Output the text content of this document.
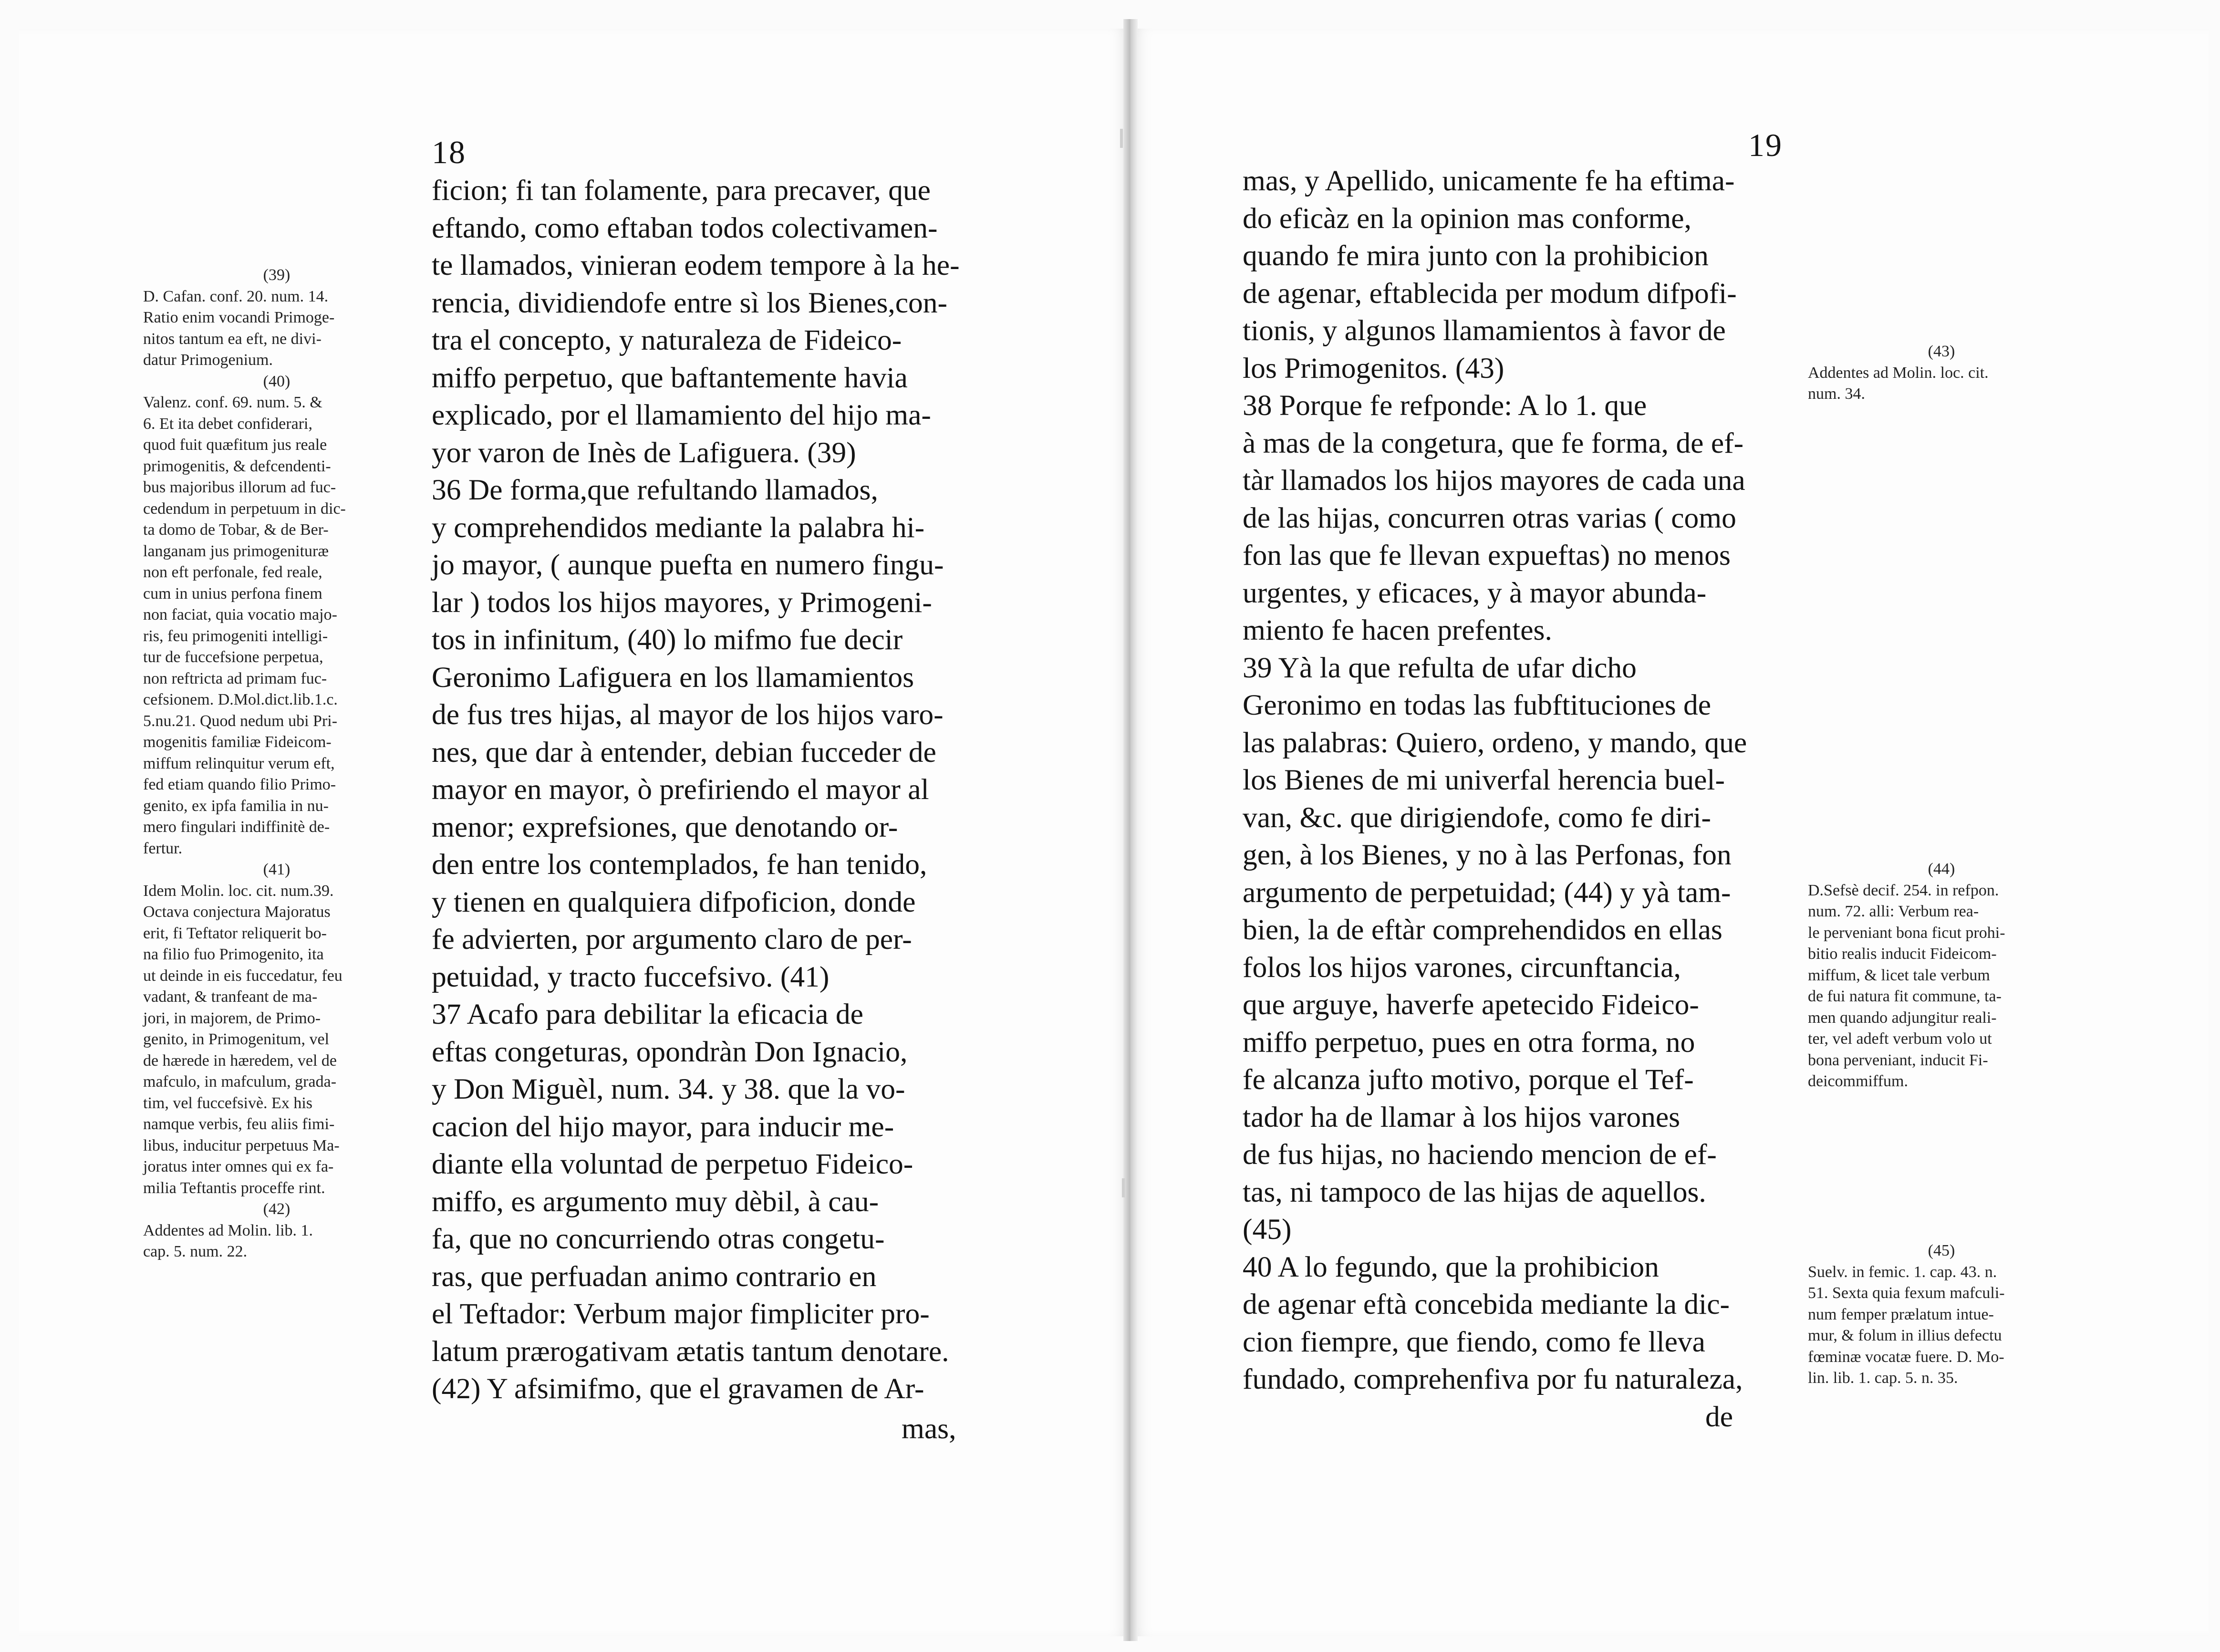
18
(39)
D. Cafan. conf. 20. num. 14.
Ratio enim vocandi Primoge-
nitos tantum ea eft, ne divi-
datur Primogenium.
(40)
Valenz. conf. 69. num. 5. &
6. Et ita debet confiderari,
quod fuit quæfitum jus reale
primogenitis, & defcendenti-
bus majoribus illorum ad fuc-
cedendum in perpetuum in dic-
ta domo de Tobar, & de Ber-
langanam jus primogenituræ
non eft perfonale, fed reale,
cum in unius perfona finem
non faciat, quia vocatio majo-
ris, feu primogeniti intelligi-
tur de fuccefsione perpetua,
non reftricta ad primam fuc-
cefsionem. D.Mol.dict.lib.1.c.
5.nu.21. Quod nedum ubi Pri-
mogenitis familiæ Fideicom-
miffum relinquitur verum eft,
fed etiam quando filio Primo-
genito, ex ipfa familia in nu-
mero fingulari indiffinitè de-
fertur.
(41)
Idem Molin. loc. cit. num.39.
Octava conjectura Majoratus
erit, fi Teftator reliquerit bo-
na filio fuo Primogenito, ita
ut deinde in eis fuccedatur, feu
vadant, & tranfeant de ma-
jori, in majorem, de Primo-
genito, in Primogenitum, vel
de hærede in hæredem, vel de
mafculo, in mafculum, grada-
tim, vel fuccefsivè. Ex his
namque verbis, feu aliis fimi-
libus, inducitur perpetuus Ma-
joratus inter omnes qui ex fa-
milia Teftantis proceffe rint.
(42)
Addentes ad Molin. lib. 1.
cap. 5. num. 22.
ficion; fi tan folamente, para precaver, que
eftando, como eftaban todos colectivamen-
te llamados, vinieran eodem tempore à la he-
rencia, dividiendofe entre sì los Bienes,con-
tra el concepto, y naturaleza de Fideico-
miffo perpetuo, que baftantemente havia
explicado, por el llamamiento del hijo ma-
yor varon de Inès de Lafiguera. (39)
36 De forma,que refultando llamados,
y comprehendidos mediante la palabra hi-
jo mayor, ( aunque puefta en numero fingu-
lar ) todos los hijos mayores, y Primogeni-
tos in infinitum, (40) lo mifmo fue decir
Geronimo Lafiguera en los llamamientos
de fus tres hijas, al mayor de los hijos varo-
nes, que dar à entender, debian fucceder de
mayor en mayor, ò prefiriendo el mayor al
menor; exprefsiones, que denotando or-
den entre los contemplados, fe han tenido,
y tienen en qualquiera difpoficion, donde
fe advierten, por argumento claro de per-
petuidad, y tracto fuccefsivo. (41)
37 Acafo para debilitar la eficacia de
eftas congeturas, opondràn Don Ignacio,
y Don Miguèl, num. 34. y 38. que la vo-
cacion del hijo mayor, para inducir me-
diante ella voluntad de perpetuo Fideico-
miffo, es argumento muy dèbil, à cau-
fa, que no concurriendo otras congetu-
ras, que perfuadan animo contrario en
el Teftador: Verbum major fimpliciter pro-
latum prærogativam ætatis tantum denotare.
(42) Y afsimifmo, que el gravamen de Ar-
mas,
19
mas, y Apellido, unicamente fe ha eftima-
do eficàz en la opinion mas conforme,
quando fe mira junto con la prohibicion
de agenar, eftablecida per modum difpofi-
tionis, y algunos llamamientos à favor de
los Primogenitos. (43)
38 Porque fe refponde: A lo 1. que
à mas de la congetura, que fe forma, de ef-
tàr llamados los hijos mayores de cada una
de las hijas, concurren otras varias ( como
fon las que fe llevan expueftas) no menos
urgentes, y eficaces, y à mayor abunda-
miento fe hacen prefentes.
39 Yà la que refulta de ufar dicho
Geronimo en todas las fubftituciones de
las palabras: Quiero, ordeno, y mando, que
los Bienes de mi univerfal herencia buel-
van, &c. que dirigiendofe, como fe diri-
gen, à los Bienes, y no à las Perfonas, fon
argumento de perpetuidad; (44) y yà tam-
bien, la de eftàr comprehendidos en ellas
folos los hijos varones, circunftancia,
que arguye, haverfe apetecido Fideico-
miffo perpetuo, pues en otra forma, no
fe alcanza jufto motivo, porque el Tef-
tador ha de llamar à los hijos varones
de fus hijas, no haciendo mencion de ef-
tas, ni tampoco de las hijas de aquellos.
(45)
40 A lo fegundo, que la prohibicion
de agenar eftà concebida mediante la dic-
cion fiempre, que fiendo, como fe lleva
fundado, comprehenfiva por fu naturaleza,
(43)
Addentes ad Molin. loc. cit.
num. 34.
(44)
D.Sefsè decif. 254. in refpon.
num. 72. alli: Verbum rea-
le perveniant bona ficut prohi-
bitio realis inducit Fideicom-
miffum, & licet tale verbum
de fui natura fit commune, ta-
men quando adjungitur reali-
ter, vel adeft verbum volo ut
bona perveniant, inducit Fi-
deicommiffum.
(45)
Suelv. in femic. 1. cap. 43. n.
51. Sexta quia fexum mafculi-
num femper prælatum intue-
mur, & folum in illius defectu
fœminæ vocatæ fuere. D. Mo-
lin. lib. 1. cap. 5. n. 35.
de
